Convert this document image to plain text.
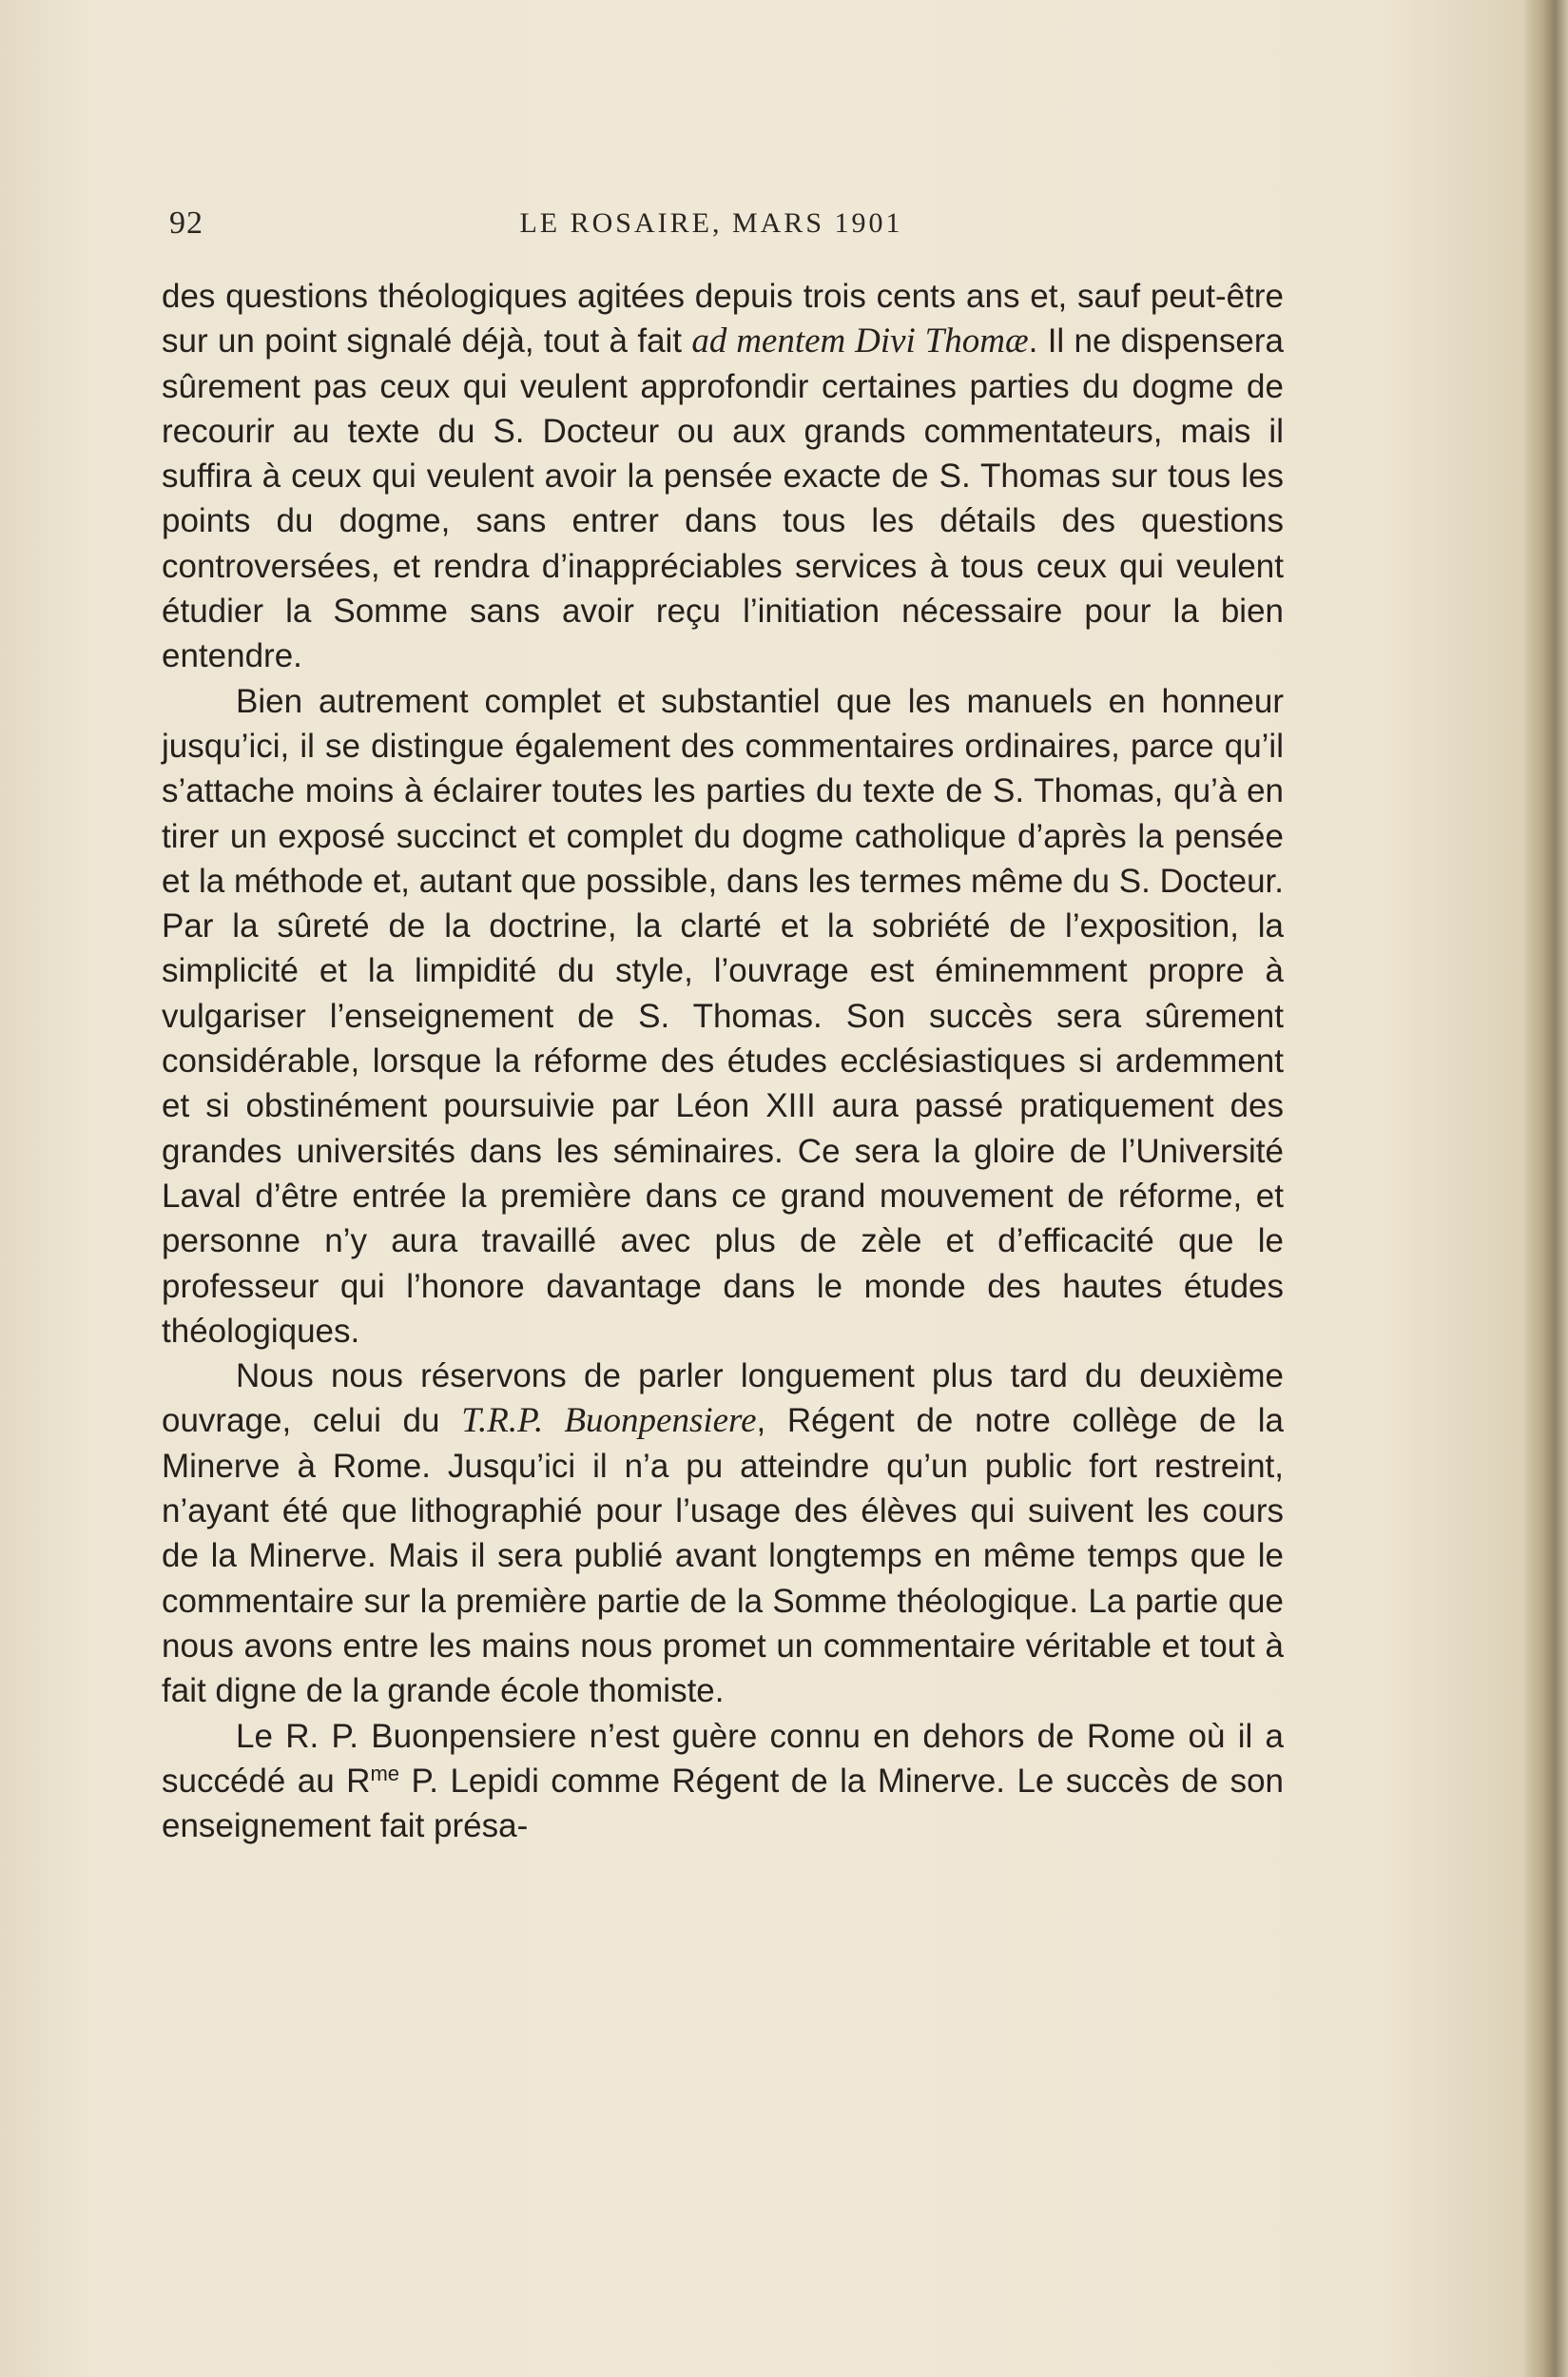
92	LE ROSAIRE, MARS 1901

des questions théologiques agitées depuis trois cents ans et, sauf peut-être sur un point signalé déjà, tout à fait ad mentem Divi Thomæ. Il ne dispensera sûrement pas ceux qui veulent approfondir certaines parties du dogme de recourir au texte du S. Docteur ou aux grands commentateurs, mais il suffira à ceux qui veulent avoir la pensée exacte de S. Thomas sur tous les points du dogme, sans entrer dans tous les détails des questions controversées, et rendra d’inappréciables services à tous ceux qui veulent étudier la Somme sans avoir reçu l’initiation nécessaire pour la bien entendre.

Bien autrement complet et substantiel que les manuels en honneur jusqu’ici, il se distingue également des commentaires ordinaires, parce qu’il s’attache moins à éclairer toutes les parties du texte de S. Thomas, qu’à en tirer un exposé succinct et complet du dogme catholique d’après la pensée et la méthode et, autant que possible, dans les termes même du S. Docteur. Par la sûreté de la doctrine, la clarté et la sobriété de l’exposition, la simplicité et la limpidité du style, l’ouvrage est éminemment propre à vulgariser l’enseignement de S. Thomas. Son succès sera sûrement considérable, lorsque la réforme des études ecclésiastiques si ardemment et si obstinément poursuivie par Léon XIII aura passé pratiquement des grandes universités dans les séminaires. Ce sera la gloire de l’Université Laval d’être entrée la première dans ce grand mouvement de réforme, et personne n’y aura travaillé avec plus de zèle et d’efficacité que le professeur qui l’honore davantage dans le monde des hautes études théologiques.

Nous nous réservons de parler longuement plus tard du deuxième ouvrage, celui du T.R.P. Buonpensiere, Régent de notre collège de la Minerve à Rome. Jusqu’ici il n’a pu atteindre qu’un public fort restreint, n’ayant été que lithographié pour l’usage des élèves qui suivent les cours de la Minerve. Mais il sera publié avant longtemps en même temps que le commentaire sur la première partie de la Somme théologique. La partie que nous avons entre les mains nous promet un commentaire véritable et tout à fait digne de la grande école thomiste.

Le R. P. Buonpensiere n’est guère connu en dehors de Rome où il a succédé au $R^{me}$ P. Lepidi comme Régent de la Minerve. Le succès de son enseignement fait présa-
